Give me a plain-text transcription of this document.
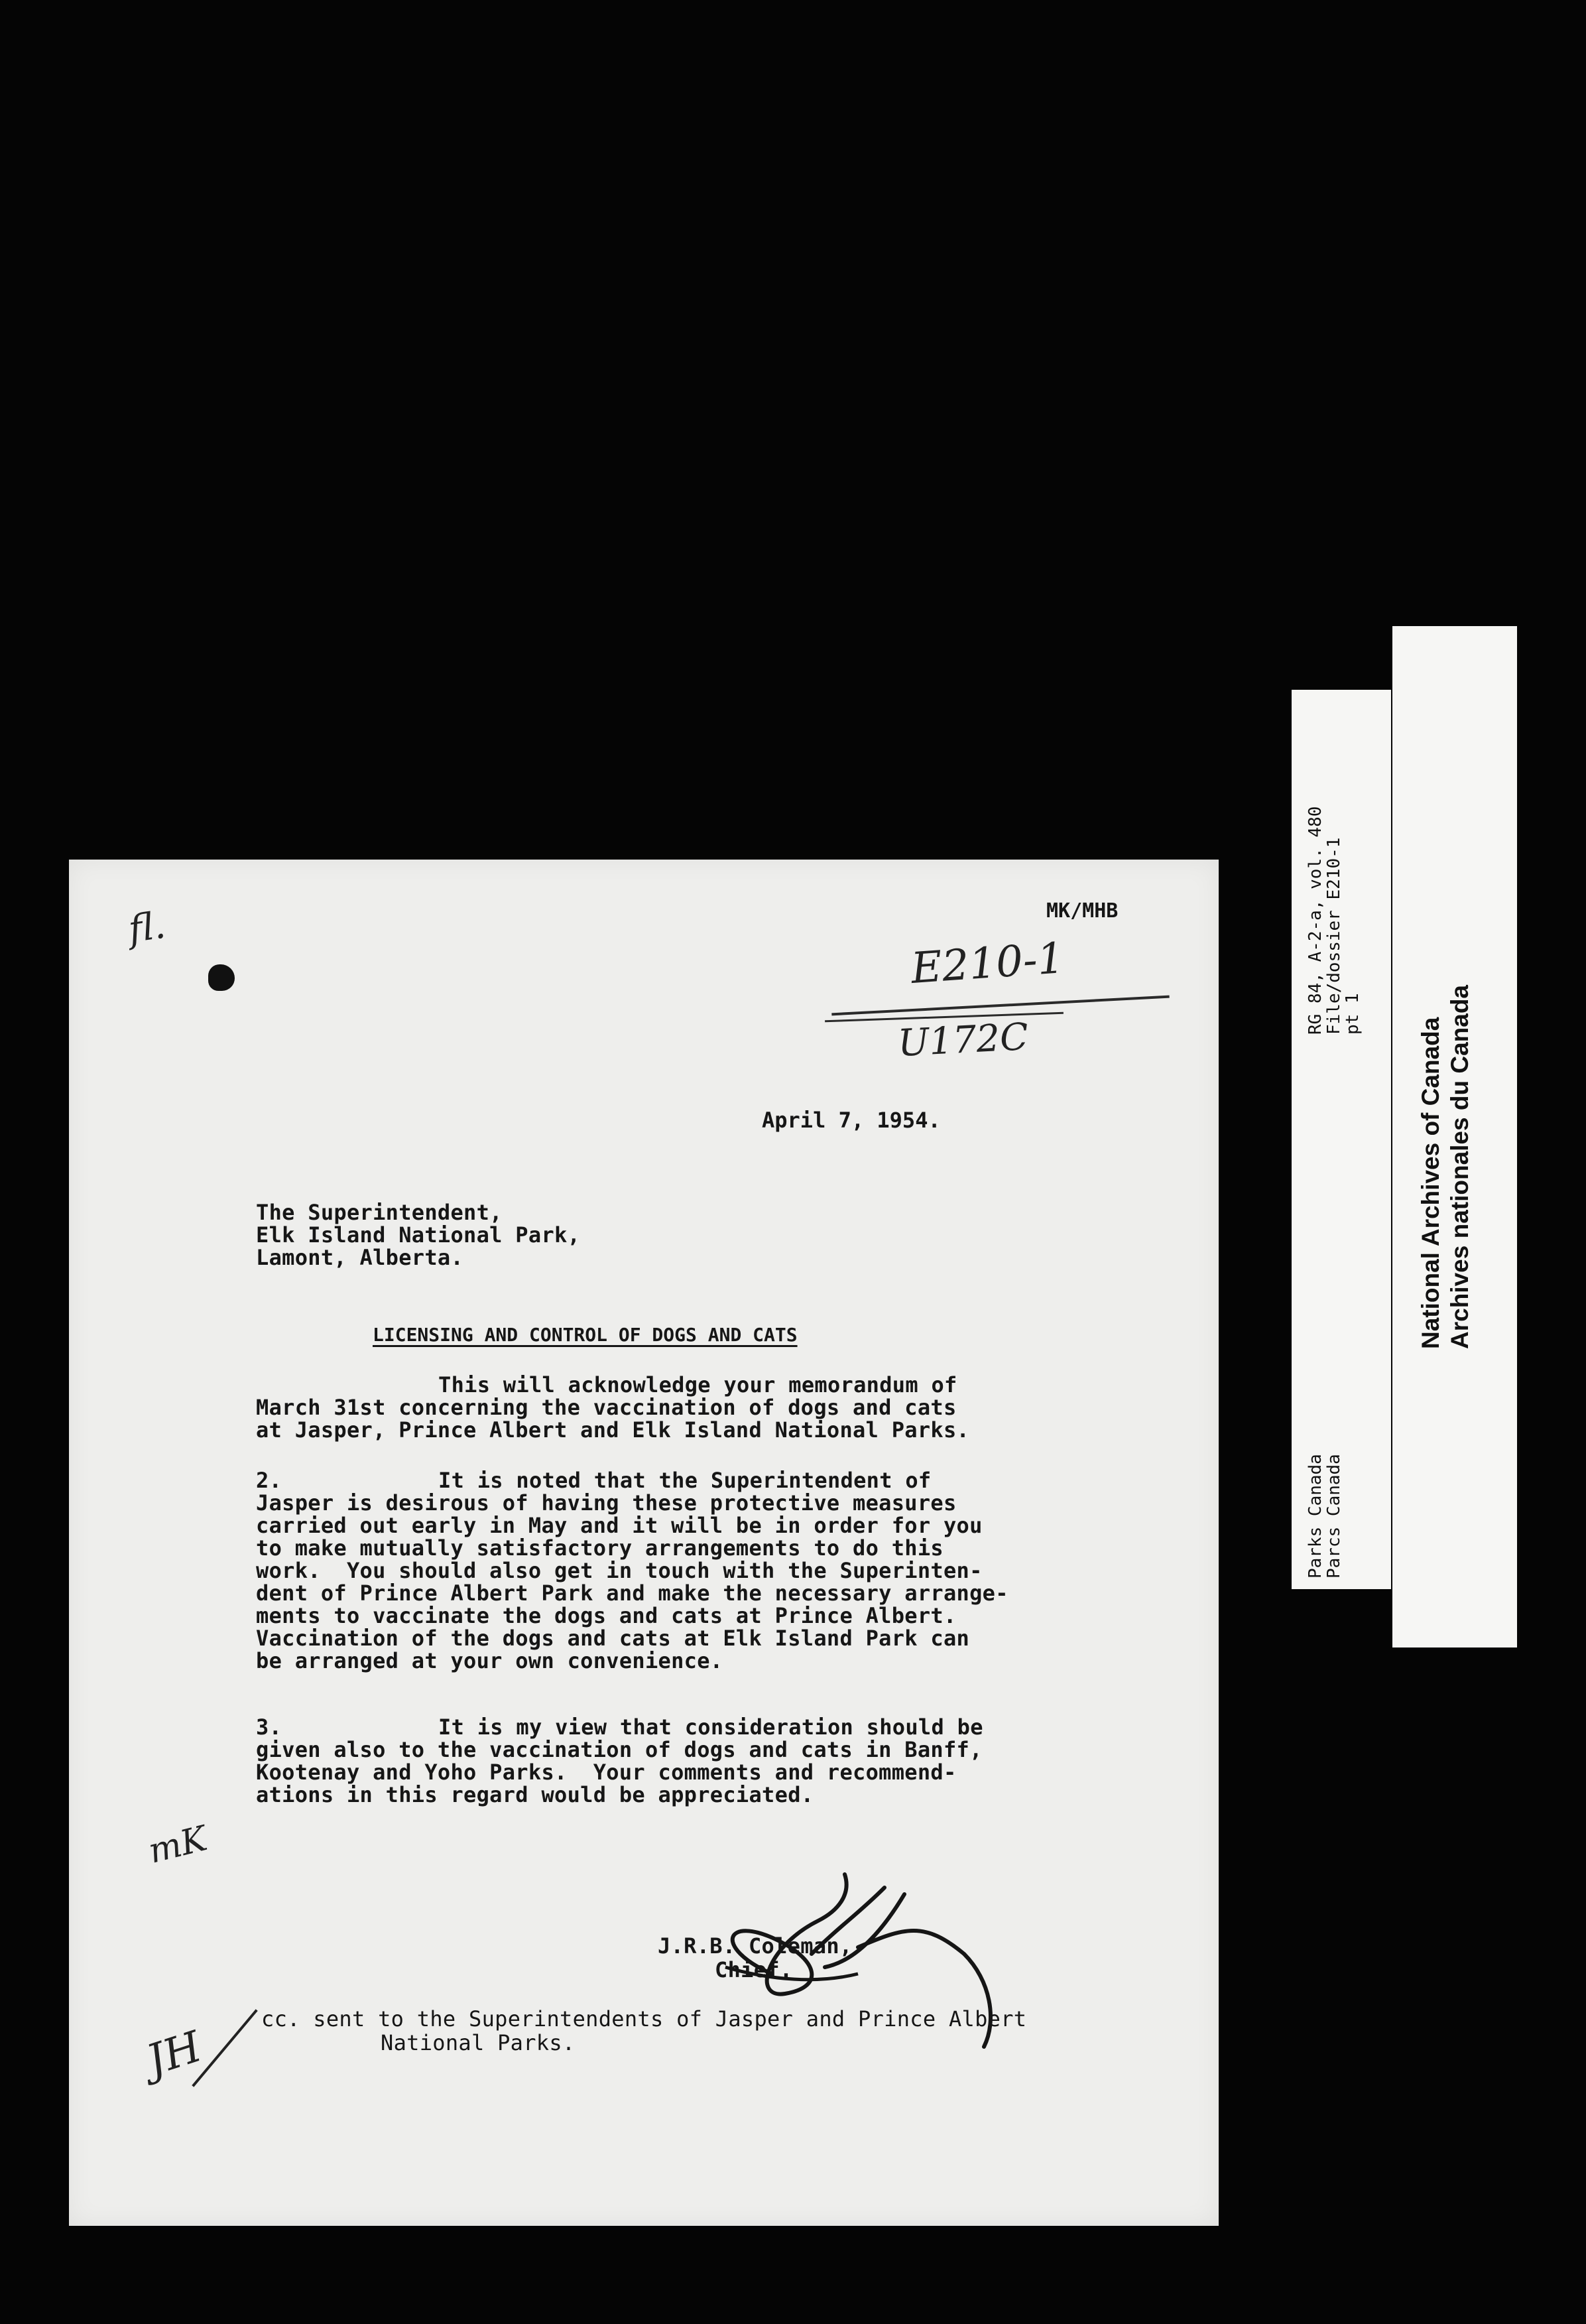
fl.	MK/MHB

E210-1

U172C

April 7, 1954.

The Superintendent,

Elk Island National Park,

Lamont, Alberta.

LICENSING AND CONTROL OF DOGS AND CATS

This will acknowledge your memorandum of

March 31st concerning the vaccination of dogs and cats

at Jasper, Prince Albert and Elk Island National Parks.

2.	It is noted that the Superintendent of

Jasper is desirous of having these protective measures

carried out early in May and it will be in order for you

to make mutually satisfactory arrangements to do this

work.  You should also get in touch with the Superinten-

dent of Prince Albert Park and make the necessary arrange-

ments to vaccinate the dogs and cats at Prince Albert.

Vaccination of the dogs and cats at Elk Island Park can

be arranged at your own convenience.

3.	It is my view that consideration should be

given also to the vaccination of dogs and cats in Banff,

Kootenay and Yoho Parks.  Your comments and recommend-

ations in this regard would be appreciated.

mK

J.R.B. Coleman,

Chief.

JH

cc. sent to the Superintendents of Jasper and Prince Albert

National Parks.

RG 84, A-2-a, vol. 480

File/dossier E210-1

pt 1

Parks Canada

Parcs Canada

National Archives of Canada Archives nationales du Canada
